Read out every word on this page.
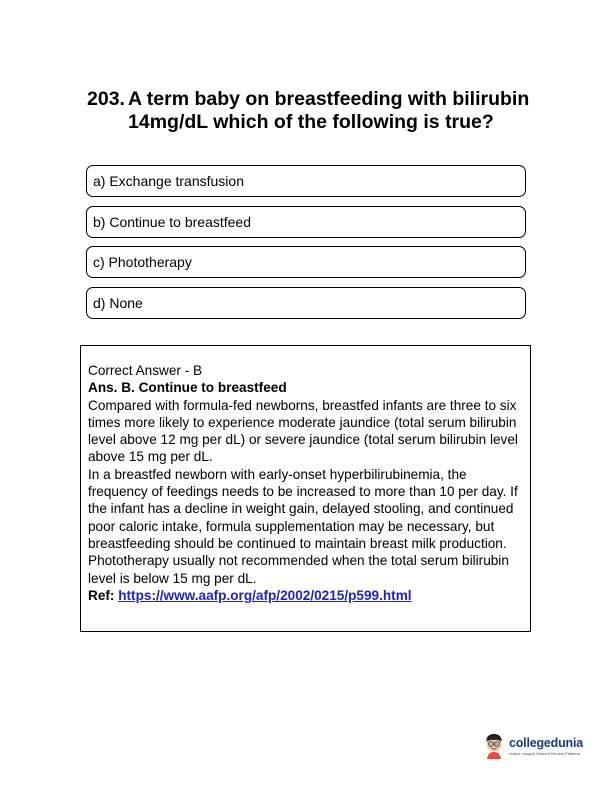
203. A term baby on breastfeeding with bilirubin 14mg/dL which of the following is true?
a) Exchange transfusion
b) Continue to breastfeed
c) Phototherapy
d) None

Correct Answer - B

Ans. B. Continue to breastfeed

Compared with formula-fed newborns, breastfed infants are three to six times more likely to experience moderate jaundice (total serum bilirubin level above 12 mg per dL) or severe jaundice (total serum bilirubin level above 15 mg per dL.

In a breastfed newborn with early-onset hyperbilirubinemia, the frequency of feedings needs to be increased to more than 10 per day. If the infant has a decline in weight gain, delayed stooling, and continued poor caloric intake, formula supplementation may be necessary, but breastfeeding should be continued to maintain breast milk production.

Phototherapy usually not recommended when the total serum bilirubin level is below 15 mg per dL.

Ref: https://www.aafp.org/afp/2002/0215/p599.html

collegedunia
India's Largest Student Review Platform
